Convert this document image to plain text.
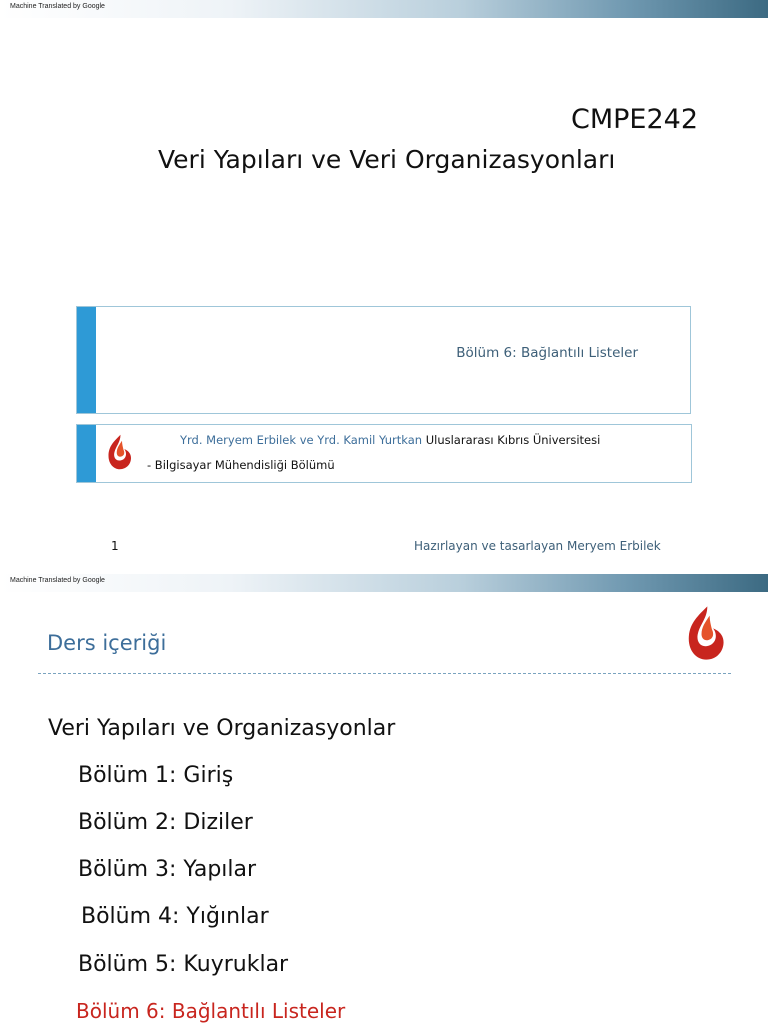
Machine Translated by Google
CMPE242
Veri Yapıları ve Veri Organizasyonları
Bölüm 6: Bağlantılı Listeler
Yrd. Meryem Erbilek ve Yrd. Kamil Yurtkan Uluslararası Kıbrıs Üniversitesi
- Bilgisayar Mühendisliği Bölümü
1	Hazırlayan ve tasarlayan Meryem Erbilek
Machine Translated by Google
Ders içeriği
Veri Yapıları ve Organizasyonlar
Bölüm 1: Giriş
Bölüm 2: Diziler
Bölüm 3: Yapılar
Bölüm 4: Yığınlar
Bölüm 5: Kuyruklar
Bölüm 6: Bağlantılı Listeler
